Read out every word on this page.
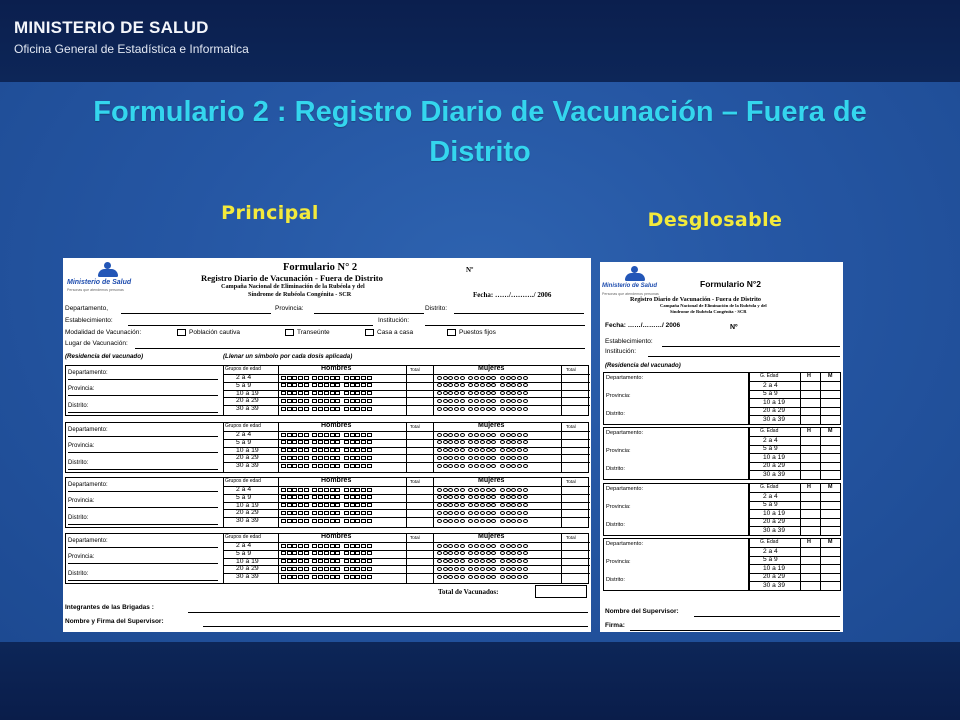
MINISTERIO DE SALUD
Oficina General de Estadística e Informatica
Formulario 2 : Registro Diario de Vacunación – Fuera de Distrito
Principal	Desglosable
Ministerio de Salud
Personas que atendemos personas
Formulario N° 2
Registro Diario de Vacunación - Fuera de Distrito
Campaña Nacional de Eliminación de la Rubéola y del
Síndrome de Rubéola Congénita - SCR
Nº
Fecha: ……/………./ 2006
Departamento,	Provincia:	Distrito:
Establecimiento:	Institución:
Modalidad de Vacunación:	Población cautiva	Transeúnte	Casa a casa	Puestos fijos
Lugar de Vacunación:
(Residencia del vacunado)	(Llenar un símbolo por cada dosis aplicada)
Departamento:
Provincia:
Distrito:
Grupos de edad	Hombres	Total	Mujeres	Total
2 a 4
5 a 9
10 a 19
20 a 29
30 a 39
Departamento:
Provincia:
Distrito:
Grupos de edad	Hombres	Total	Mujeres	Total
2 a 4
5 a 9
10 a 19
20 a 29
30 a 39
Departamento:
Provincia:
Distrito:
Grupos de edad	Hombres	Total	Mujeres	Total
2 a 4
5 a 9
10 a 19
20 a 29
30 a 39
Departamento:
Provincia:
Distrito:
Grupos de edad	Hombres	Total	Mujeres	Total
2 a 4
5 a 9
10 a 19
20 a 29
30 a 39
Total de Vacunados:
Integrantes de las Brigadas :
Nombre y Firma del Supervisor:
Ministerio de Salud
Personas que atendemos personas
Formulario N°2
Registro Diario de Vacunación - Fuera de Distrito
Campaña Nacional de Eliminación de la Rubéola y del
Síndrome de Rubéola Congénita - SCR
Fecha: ……/………/ 2006	Nº
Establecimiento:
Institución:
(Residencia del vacunado)
Departamento:
Provincia:
Distrito:
G. Edad	H	M
2 a 4
5 a 9
10 a 19
20 a 29
30 a 39
Departamento:
Provincia:
Distrito:
G. Edad	H	M
2 a 4
5 a 9
10 a 19
20 a 29
30 a 39
Departamento:
Provincia:
Distrito:
G. Edad	H	M
2 a 4
5 a 9
10 a 19
20 a 29
30 a 39
Departamento:
Provincia:
Distrito:
G. Edad	H	M
2 a 4
5 a 9
10 a 19
20 a 29
30 a 39
Nombre del Supervisor:
Firma:
